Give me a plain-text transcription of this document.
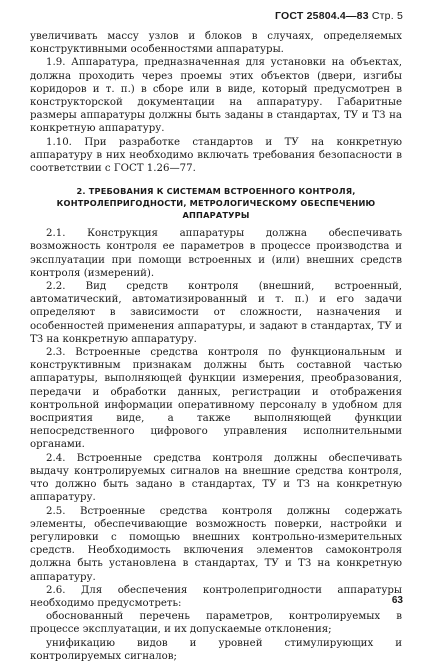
ГОСТ 25804.4—83 Стр. 5

увеличивать массу узлов и блоков в случаях, определяемых конструктивными особенностями аппаратуры.

1.9. Аппаратура, предназначенная для установки на объектах, должна проходить через проемы этих объектов (двери, изгибы коридоров и т. п.) в сборе или в виде, который предусмотрен в конструкторской документации на аппаратуру. Габаритные размеры аппаратуры должны быть заданы в стандартах, ТУ и ТЗ на конкретную аппаратуру.

1.10. При разработке стандартов и ТУ на конкретную аппаратуру в них необходимо включать требования безопасности в соответствии с ГОСТ 1.26—77.

2. ТРЕБОВАНИЯ К СИСТЕМАМ ВСТРОЕННОГО КОНТРОЛЯ, КОНТРОЛЕПРИГОДНОСТИ, МЕТРОЛОГИЧЕСКОМУ ОБЕСПЕЧЕНИЮ АППАРАТУРЫ

2.1. Конструкция аппаратуры должна обеспечивать возможность контроля ее параметров в процессе производства и эксплуатации при помощи встроенных и (или) внешних средств контроля (измерений).

2.2. Вид средств контроля (внешний, встроенный, автоматический, автоматизированный и т. п.) и его задачи определяют в зависимости от сложности, назначения и особенностей применения аппаратуры, и задают в стандартах, ТУ и ТЗ на конкретную аппаратуру.

2.3. Встроенные средства контроля по функциональным и конструктивным признакам должны быть составной частью аппаратуры, выполняющей функции измерения, преобразования, передачи и обработки данных, регистрации и отображения контрольной информации оперативному персоналу в удобном для восприятия виде, а также выполняющей функции непосредственного цифрового управления исполнительными органами.

2.4. Встроенные средства контроля должны обеспечивать выдачу контролируемых сигналов на внешние средства контроля, что должно быть задано в стандартах, ТУ и ТЗ на конкретную аппаратуру.

2.5. Встроенные средства контроля должны содержать элементы, обеспечивающие возможность поверки, настройки и регулировки с помощью внешних контрольно-измерительных средств. Необходимость включения элементов самоконтроля должна быть установлена в стандартах, ТУ и ТЗ на конкретную аппаратуру.

2.6. Для обеспечения контролепригодности аппаратуры необходимо предусмотреть:

обоснованный перечень параметров, контролируемых в процессе эксплуатации, и их допускаемые отклонения;

унификацию видов и уровней стимулирующих и контролируемых сигналов;

63
